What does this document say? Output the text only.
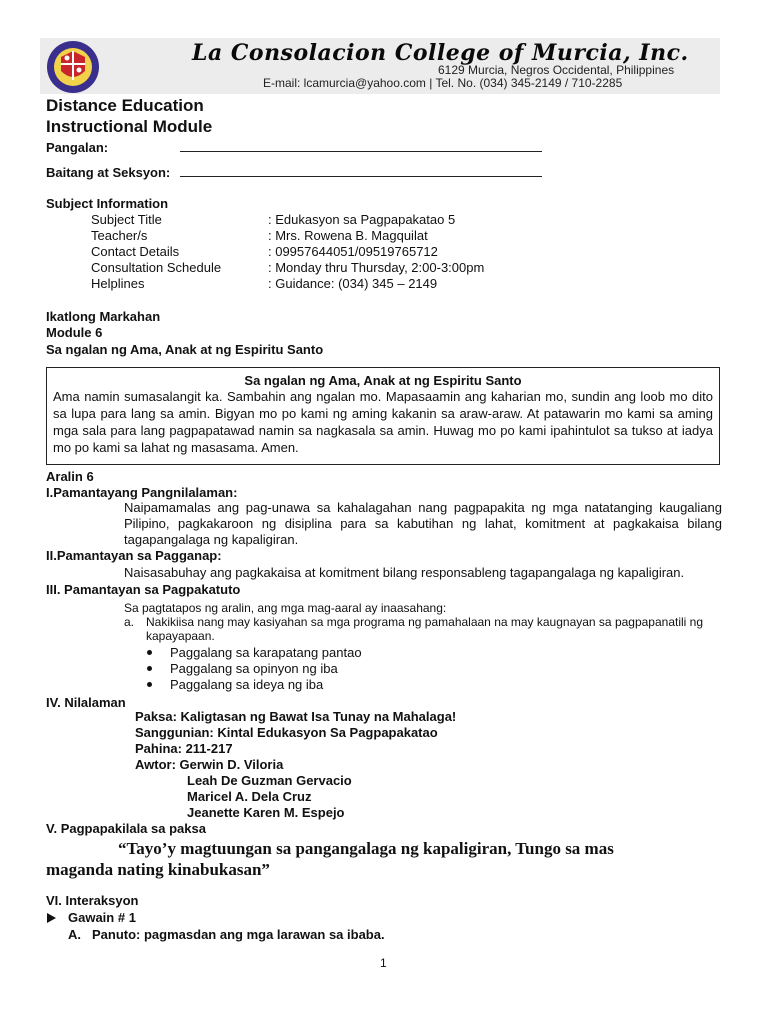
La Consolacion College of Murcia, Inc.
6129 Murcia, Negros Occidental, Philippines
E-mail: lcamurcia@yahoo.com | Tel. No. (034) 345-2149 / 710-2285
Distance Education
Instructional Module
Pangalan:
Baitang at Seksyon:
Subject Information
Subject Title	: Edukasyon sa Pagpapakatao 5
Teacher/s	: Mrs. Rowena B. Magquilat
Contact Details	: 09957644051/09519765712
Consultation Schedule	: Monday thru Thursday, 2:00-3:00pm
Helplines	: Guidance: (034) 345 – 2149
Ikatlong Markahan
Module 6
Sa ngalan ng Ama, Anak at ng Espiritu Santo
Sa ngalan ng Ama, Anak at ng Espiritu Santo
Ama namin sumasalangit ka. Sambahin ang ngalan mo. Mapasaamin ang kaharian mo, sundin ang loob mo dito sa lupa para lang sa amin. Bigyan mo po kami ng aming kakanin sa araw-araw. At patawarin mo kami sa aming mga sala para lang pagpapatawad namin sa nagkasala sa amin. Huwag mo po kami ipahintulot sa tukso at iadya mo po kami sa lahat ng masasama. Amen.
Aralin 6
I.Pamantayang Pangnilalaman:
Naipamamalas ang pag-unawa sa kahalagahan nang pagpapakita ng mga natatanging kaugaliang Pilipino, pagkakaroon ng disiplina para sa kabutihan ng lahat, komitment at pagkakaisa bilang tagapangalaga ng kapaligiran.
II.Pamantayan sa Pagganap:
Naisasabuhay ang pagkakaisa at komitment bilang responsableng tagapangalaga ng kapaligiran.
III. Pamantayan sa Pagpakatuto
Sa pagtatapos ng aralin, ang mga mag-aaral ay inaasahang:
a. Nakikiisa nang may kasiyahan sa mga programa ng pamahalaan na may kaugnayan sa pagpapanatili ng kapayapaan.
Paggalang sa karapatang pantao
Paggalang sa opinyon ng iba
Paggalang sa ideya ng iba
IV. Nilalaman
Paksa: Kaligtasan ng Bawat Isa Tunay na Mahalaga!
Sanggunian: Kintal Edukasyon Sa Pagpapakatao
Pahina: 211-217
Awtor: Gerwin D. Viloria
Leah De Guzman Gervacio
Maricel A. Dela Cruz
Jeanette Karen M. Espejo
V. Pagpapakilala sa paksa
“Tayo’y magtuungan sa pangangalaga ng kapaligiran, Tungo sa mas
maganda nating kinabukasan”
VI. Interaksyon
Gawain # 1
A. Panuto: pagmasdan ang mga larawan sa ibaba.
1
